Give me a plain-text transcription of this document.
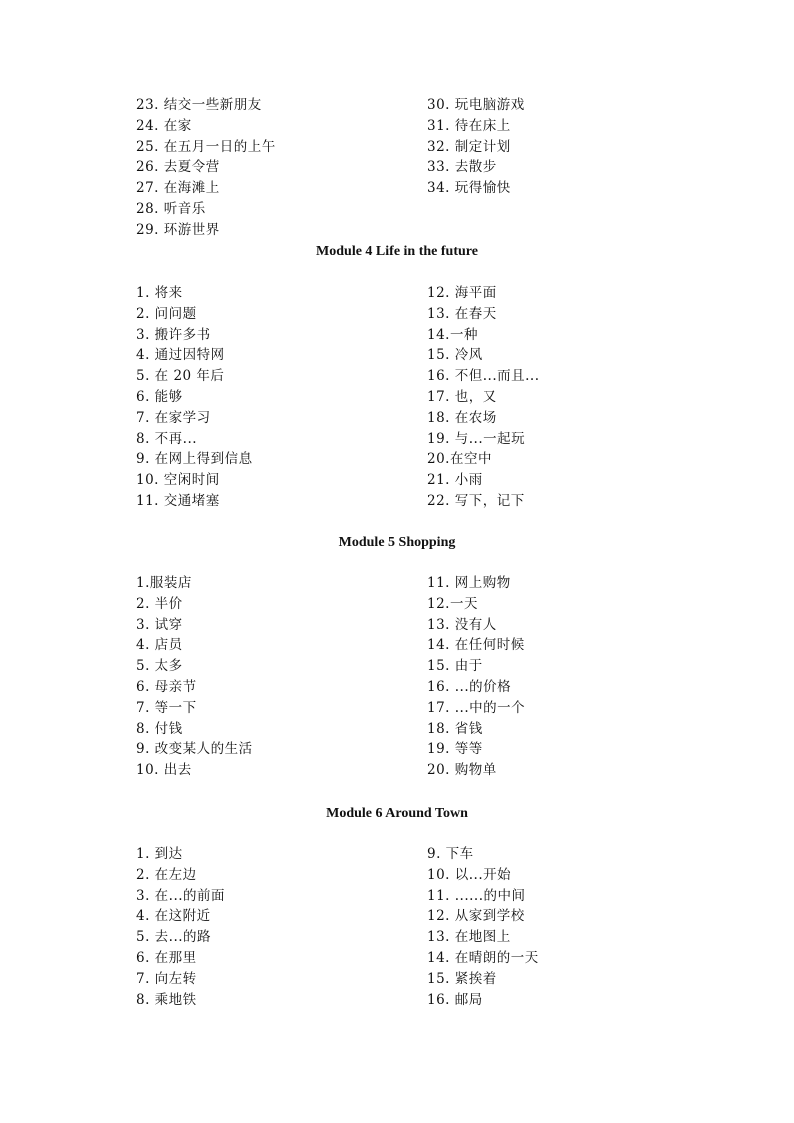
23. 结交一些新朋友
24. 在家
25. 在五月一日的上午
26. 去夏令营
27. 在海滩上
28. 听音乐
29. 环游世界
30. 玩电脑游戏
31. 待在床上
32. 制定计划
33. 去散步
34. 玩得愉快
Module 4 Life in the future
1. 将来
2. 问问题
3. 搬许多书
4. 通过因特网
5. 在 20 年后
6. 能够
7. 在家学习
8. 不再...
9. 在网上得到信息
10. 空闲时间
11. 交通堵塞
12. 海平面
13. 在春天
14.一种
15. 冷风
16. 不但...而且...
17. 也，又
18. 在农场
19. 与...一起玩
20.在空中
21. 小雨
22. 写下，记下
Module 5 Shopping
1.服装店
2. 半价
3. 试穿
4. 店员
5. 太多
6. 母亲节
7. 等一下
8. 付钱
9. 改变某人的生活
10. 出去
11. 网上购物
12.一天
13. 没有人
14. 在任何时候
15. 由于
16. ...的价格
17. ...中的一个
18. 省钱
19. 等等
20. 购物单
Module 6 Around Town
1. 到达
2. 在左边
3. 在...的前面
4. 在这附近
5. 去...的路
6. 在那里
7. 向左转
8. 乘地铁
9. 下车
10. 以...开始
11. ......的中间
12. 从家到学校
13. 在地图上
14. 在晴朗的一天
15. 紧挨着
16. 邮局
